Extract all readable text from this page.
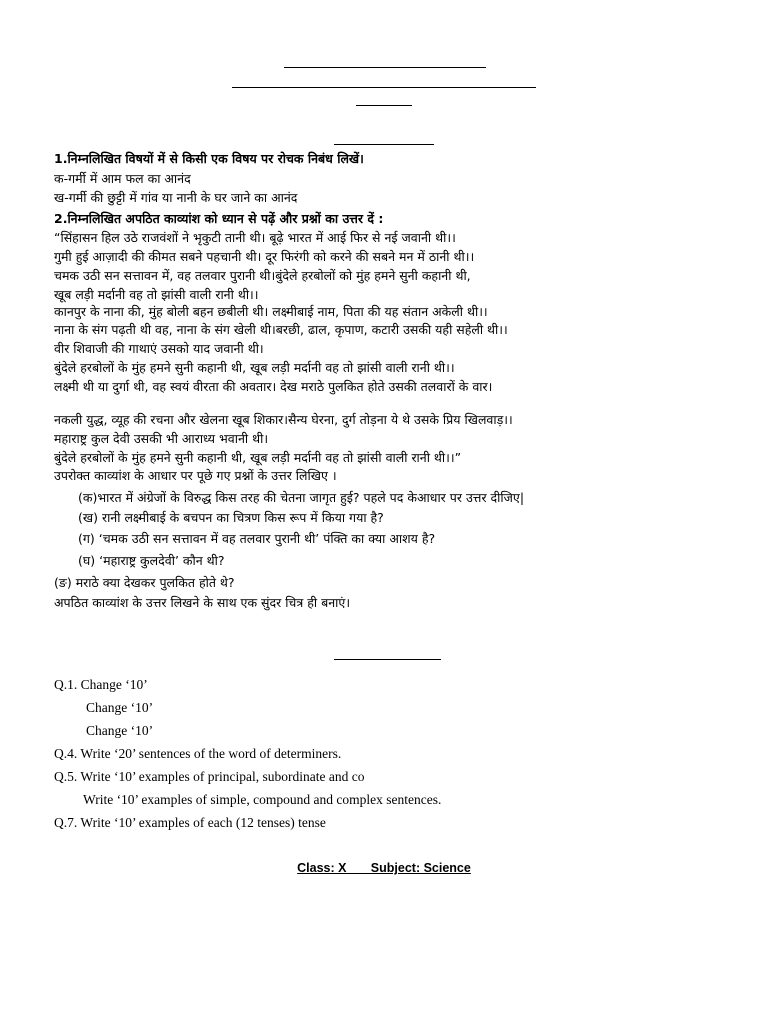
1.निम्नलिखित विषयों में से किसी एक विषय पर रोचक निबंध लिखें।
क-गर्मी में आम फल का आनंद
ख-गर्मी की छुट्टी में गांव या नानी के घर जाने का आनंद
2.निम्नलिखित अपठित काव्यांश को ध्यान से पढ़ें और प्रश्नों का उत्तर दें :
“सिंहासन हिल उठे राजवंशों ने भृकुटी तानी थी। बूढ़े भारत में आई फिर से नई जवानी थी।।
गुमी हुई आज़ादी की कीमत सबने पहचानी थी। दूर फिरंगी को करने की सबने मन में ठानी थी।।
चमक उठी सन सत्तावन में, वह तलवार पुरानी थी।बुंदेले हरबोलों को मुंह हमने सुनी कहानी थी,
खूब लड़ी मर्दानी वह तो झांसी वाली रानी थी।।
कानपुर के नाना की, मुंह बोली बहन छबीली थी। लक्ष्मीबाई नाम, पिता की यह संतान अकेली थी।।
नाना के संग पढ़ती थी वह, नाना के संग खेली थी।बरछी, ढाल, कृपाण, कटारी उसकी यही सहेली थी।।
वीर शिवाजी की गाथाएं उसको याद जवानी थी।
बुंदेले हरबोलों के मुंह हमने सुनी कहानी थी, खूब लड़ी मर्दानी वह तो झांसी वाली रानी थी।।
लक्ष्मी थी या दुर्गा थी, वह स्वयं वीरता की अवतार। देख मराठे पुलकित होते उसकी तलवारों के वार।
नकली युद्ध, व्यूह की रचना और खेलना खूब शिकार।सैन्य घेरना, दुर्ग तोड़ना ये थे उसके प्रिय खिलवाड़।।
महाराष्ट्र कुल देवी उसकी भी आराध्य भवानी थी।
बुंदेले हरबोलों के मुंह हमने सुनी कहानी थी, खूब लड़ी मर्दानी वह तो झांसी वाली रानी थी।।”
उपरोक्त काव्यांश के आधार पर पूछे गए प्रश्नों के उत्तर लिखिए ।
(क)भारत में अंग्रेजों के विरुद्ध किस तरह की चेतना जागृत हुई? पहले पद केआधार पर उत्तर दीजिए|
(ख) रानी लक्ष्मीबाई के बचपन का चित्रण किस रूप में किया गया है?
(ग) ‘चमक उठी सन सत्तावन में वह तलवार पुरानी थी’ पंक्ति का क्या आशय है?
(घ) ‘महाराष्ट्र कुलदेवी’ कौन थी?
(ङ) मराठे क्या देखकर पुलकित होते थे?
अपठित काव्यांश के उत्तर लिखने के साथ एक सुंदर चित्र ही बनाएं।
Q.1. Change ‘10’
Change ‘10’
Change ‘10’
Q.4. Write ‘20’ sentences of the word of determiners.
Q.5. Write ‘10’ examples of principal, subordinate and co
Write ‘10’ examples of simple, compound and complex sentences.
Q.7. Write ‘10’ examples of each (12 tenses) tense
Class: X       Subject: Science
